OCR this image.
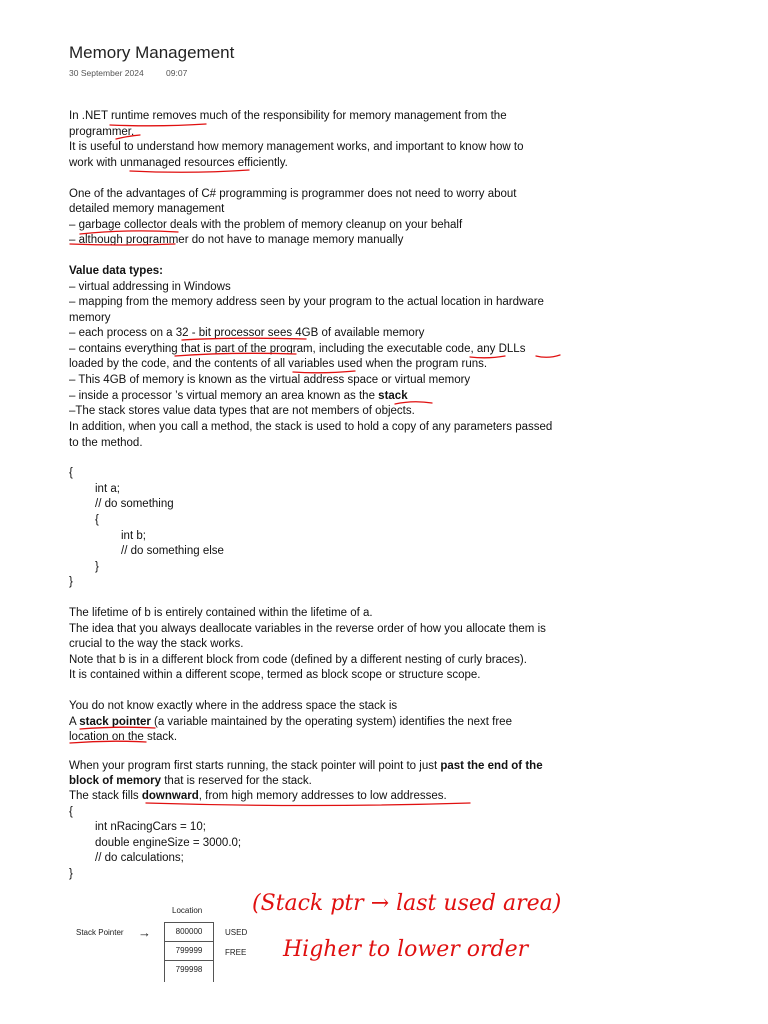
Memory Management
30 September 2024	09:07
In .NET runtime removes much of the responsibility for memory management from the
programmer.
It is useful to understand how memory management works, and important to know how to
work with unmanaged resources efficiently.
One of the advantages of C# programming is programmer does not need to worry about
detailed memory management
– garbage collector deals with the problem of memory cleanup on your behalf
– although programmer do not have to manage memory manually
Value data types:
– virtual addressing in Windows
– mapping from the memory address seen by your program to the actual location in hardware
memory
– each process on a 32 - bit processor sees 4GB of available memory
– contains everything that is part of the program, including the executable code, any DLLs
loaded by the code, and the contents of all variables used when the program runs.
– This 4GB of memory is known as the virtual address space or virtual memory
– inside a processor ’s virtual memory an area known as the stack
–The stack stores value data types that are not members of objects.
In addition, when you call a method, the stack is used to hold a copy of any parameters passed
to the method.
{
int a;
// do something
{
int b;
// do something else
}
}
The lifetime of b is entirely contained within the lifetime of a.
The idea that you always deallocate variables in the reverse order of how you allocate them is
crucial to the way the stack works.
Note that b is in a different block from code (defined by a different nesting of curly braces).
It is contained within a different scope, termed as block scope or structure scope.
You do not know exactly where in the address space the stack is
A stack pointer (a variable maintained by the operating system) identifies the next free
location on the stack.
When your program first starts running, the stack pointer will point to just past the end of the
block of memory that is reserved for the stack.
The stack fills downward, from high memory addresses to low addresses.
{
int nRacingCars = 10;
double engineSize = 3000.0;
// do calculations;
}
Location
Stack Pointer →	800000
799999
799998
USED
FREE
(Stack ptr → last used area)
Higher to lower order
